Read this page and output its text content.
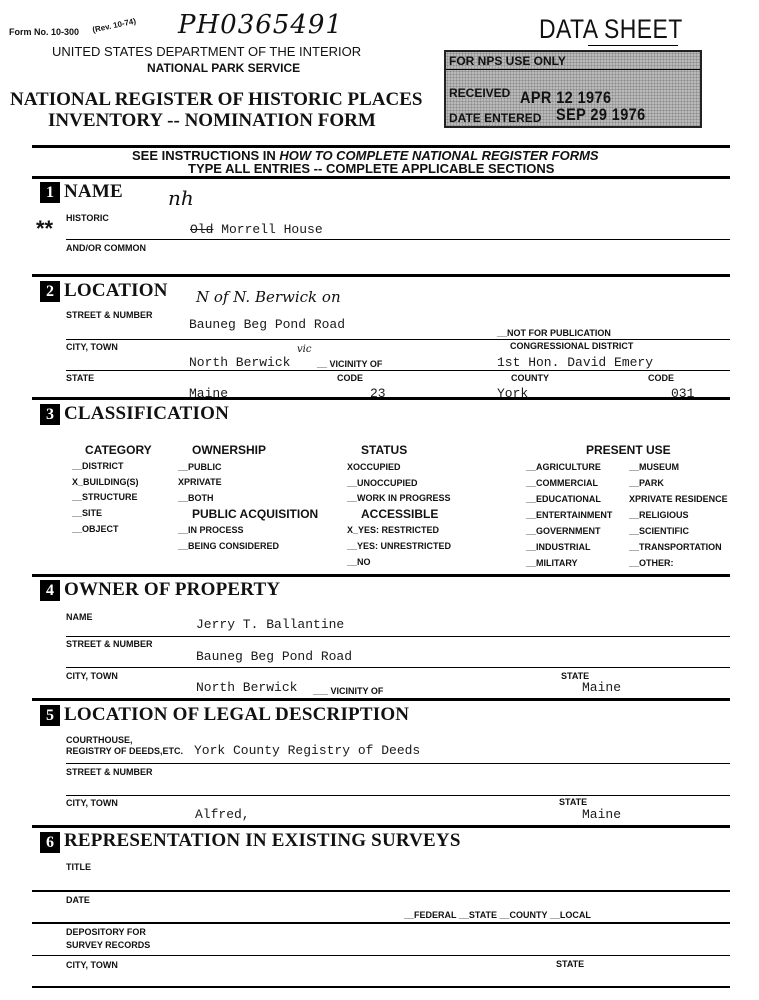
Form No. 10-300 (Rev. 10-74) PH0365491	DATA SHEET
UNITED STATES DEPARTMENT OF THE INTERIOR
NATIONAL PARK SERVICE
NATIONAL REGISTER OF HISTORIC PLACES
INVENTORY -- NOMINATION FORM
FOR NPS USE ONLY
RECEIVED APR 12 1976
DATE ENTERED SEP 29 1976
SEE INSTRUCTIONS IN HOW TO COMPLETE NATIONAL REGISTER FORMS
TYPE ALL ENTRIES -- COMPLETE APPLICABLE SECTIONS
1 NAME nh
** HISTORIC
Old Morrell House
AND/OR COMMON
2 LOCATION N of N. Berwick on
STREET & NUMBER
Bauneg Beg Pond Road
__NOT FOR PUBLICATION
CITY, TOWN	CONGRESSIONAL DISTRICT
North Berwick
vic
__ VICINITY OF	1st Hon. David Emery
STATE	CODE	COUNTY	CODE
Maine	23	York	031
3 CLASSIFICATION
CATEGORY
__DISTRICT
X_BUILDING(S)
__STRUCTURE
__SITE
__OBJECT
OWNERSHIP
__PUBLIC
XPRIVATE
__BOTH
PUBLIC ACQUISITION
__IN PROCESS
__BEING CONSIDERED
STATUS
XOCCUPIED
__UNOCCUPIED
__WORK IN PROGRESS
ACCESSIBLE
X_YES: RESTRICTED
__YES: UNRESTRICTED
__NO
PRESENT USE
__AGRICULTURE
__COMMERCIAL
__EDUCATIONAL
__ENTERTAINMENT
__GOVERNMENT
__INDUSTRIAL
__MILITARY
__MUSEUM
__PARK
XPRIVATE RESIDENCE
__RELIGIOUS
__SCIENTIFIC
__TRANSPORTATION
__OTHER:
4 OWNER OF PROPERTY
NAME	Jerry T. Ballantine
STREET & NUMBER
Bauneg Beg Pond Road
CITY, TOWN	STATE
North Berwick ___ VICINITY OF	Maine
5 LOCATION OF LEGAL DESCRIPTION
COURTHOUSE,
REGISTRY OF DEEDS,ETC. York County Registry of Deeds
STREET & NUMBER
CITY, TOWN	STATE
Alfred,	Maine
6 REPRESENTATION IN EXISTING SURVEYS
TITLE
DATE
__FEDERAL __STATE __COUNTY __LOCAL
DEPOSITORY FOR
SURVEY RECORDS
CITY, TOWN	STATE
